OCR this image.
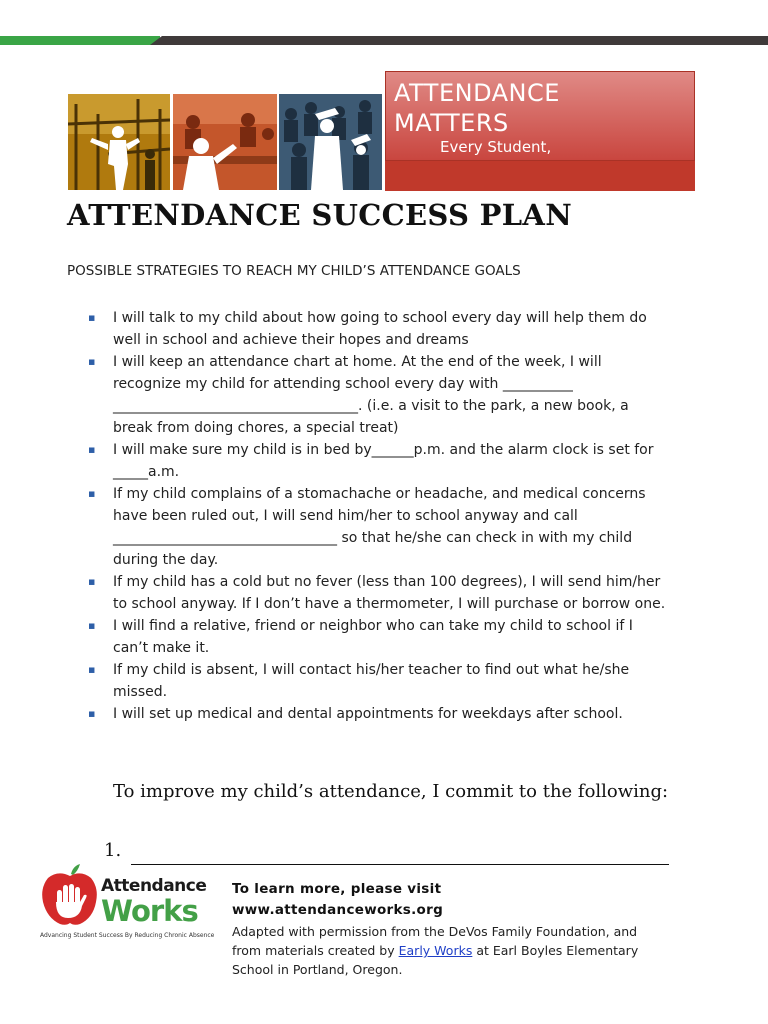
ATTENDANCE
MATTERS
Every Student,
ATTENDANCE SUCCESS PLAN
POSSIBLE STRATEGIES TO REACH MY CHILD’S ATTENDANCE GOALS
▪ I will talk to my child about how going to school every day will help them do well in school and achieve their hopes and dreams
▪ I will keep an attendance chart at home. At the end of the week, I will recognize my child for attending school every day with __________ ___________________________________. (i.e. a visit to the park, a new book, a break from doing chores, a special treat)
▪ I will make sure my child is in bed by______p.m. and the alarm clock is set for _____a.m.
▪ If my child complains of a stomachache or headache, and medical concerns have been ruled out, I will send him/her to school anyway and call ________________________________ so that he/she can check in with my child during the day.
▪ If my child has a cold but no fever (less than 100 degrees), I will send him/her to school anyway. If I don’t have a thermometer, I will purchase or borrow one.
▪ I will find a relative, friend or neighbor who can take my child to school if I can’t make it.
▪ If my child is absent, I will contact his/her teacher to find out what he/she missed.
▪ I will set up medical and dental appointments for weekdays after school.
To improve my child’s attendance, I commit to the following:
1.
Attendance
Works
Advancing Student Success By Reducing Chronic Absence
To learn more, please visit
www.attendanceworks.org
Adapted with permission from the DeVos Family Foundation, and from materials created by Early Works at Earl Boyles Elementary School in Portland, Oregon.
